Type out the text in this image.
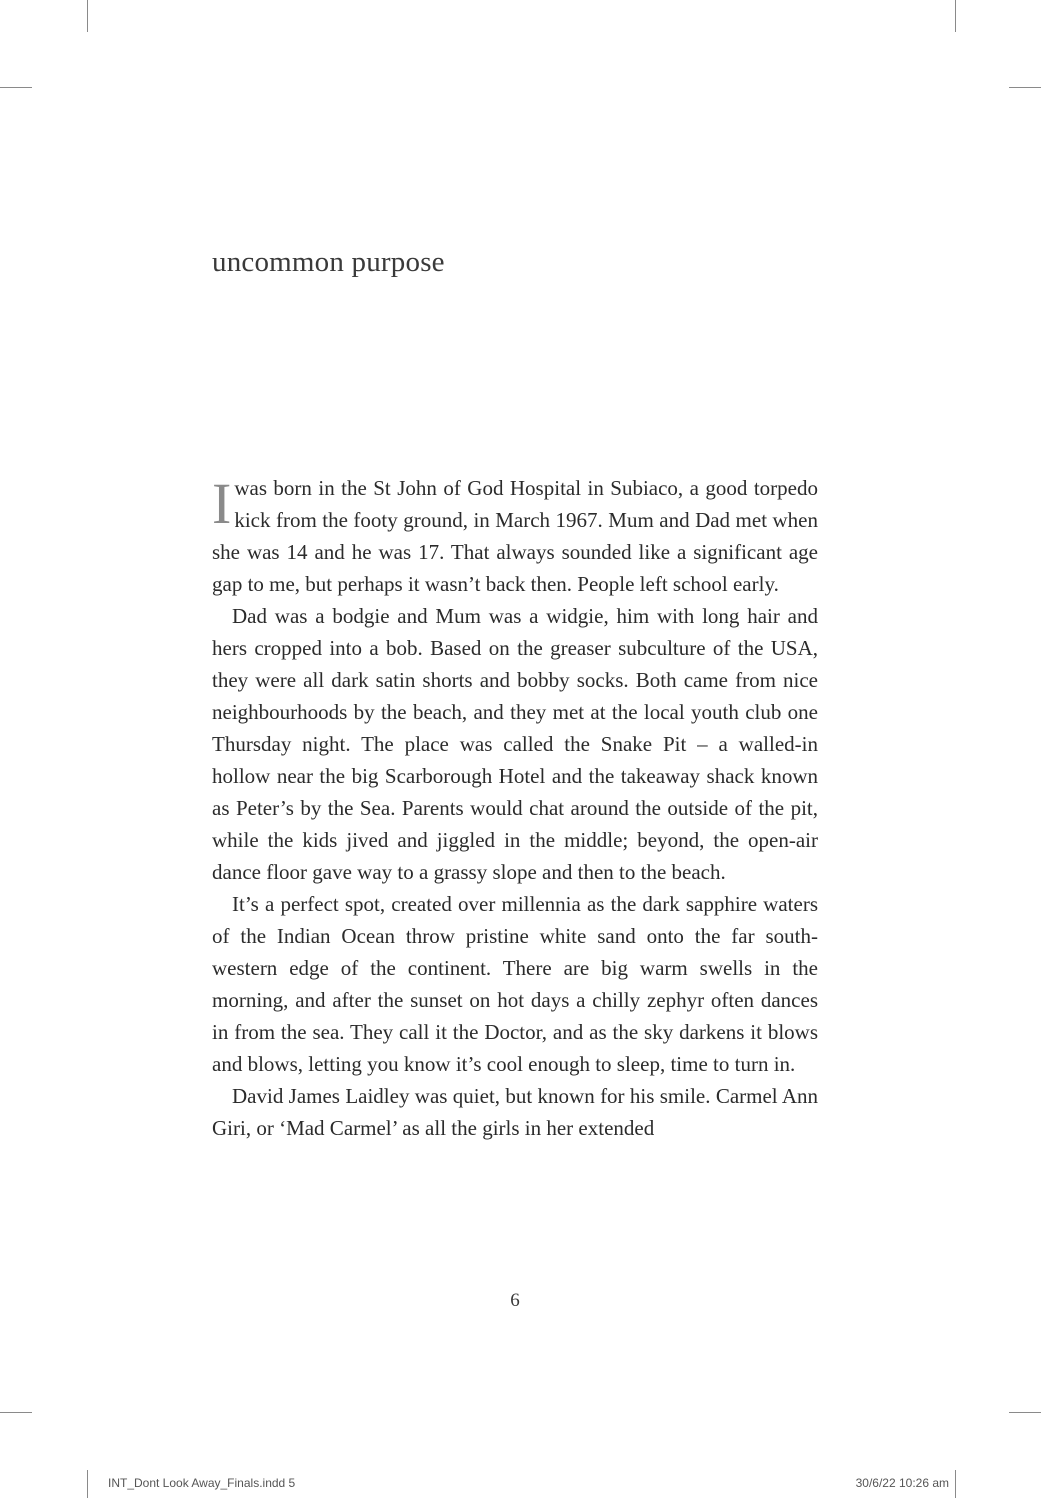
uncommon purpose

Iwas born in the St John of God Hospital in Subiaco, a good torpedo kick from the footy ground, in March 1967. Mum and Dad met when she was 14 and he was 17. That always sounded like a significant age gap to me, but perhaps it wasn’t back then. People left school early.

Dad was a bodgie and Mum was a widgie, him with long hair and hers cropped into a bob. Based on the greaser subculture of the USA, they were all dark satin shorts and bobby socks. Both came from nice neighbourhoods by the beach, and they met at the local youth club one Thursday night. The place was called the Snake Pit – a walled-in hollow near the big Scarborough Hotel and the takeaway shack known as Peter’s by the Sea. Parents would chat around the outside of the pit, while the kids jived and jiggled in the middle; beyond, the open-air dance floor gave way to a grassy slope and then to the beach.

It’s a perfect spot, created over millennia as the dark sapphire waters of the Indian Ocean throw pristine white sand onto the far south-western edge of the continent. There are big warm swells in the morning, and after the sunset on hot days a chilly zephyr often dances in from the sea. They call it the Doctor, and as the sky darkens it blows and blows, letting you know it’s cool enough to sleep, time to turn in.

David James Laidley was quiet, but known for his smile. Carmel Ann Giri, or ‘Mad Carmel’ as all the girls in her extended

6
INT_Dont Look Away_Finals.indd 5	30/6/22 10:26 am
